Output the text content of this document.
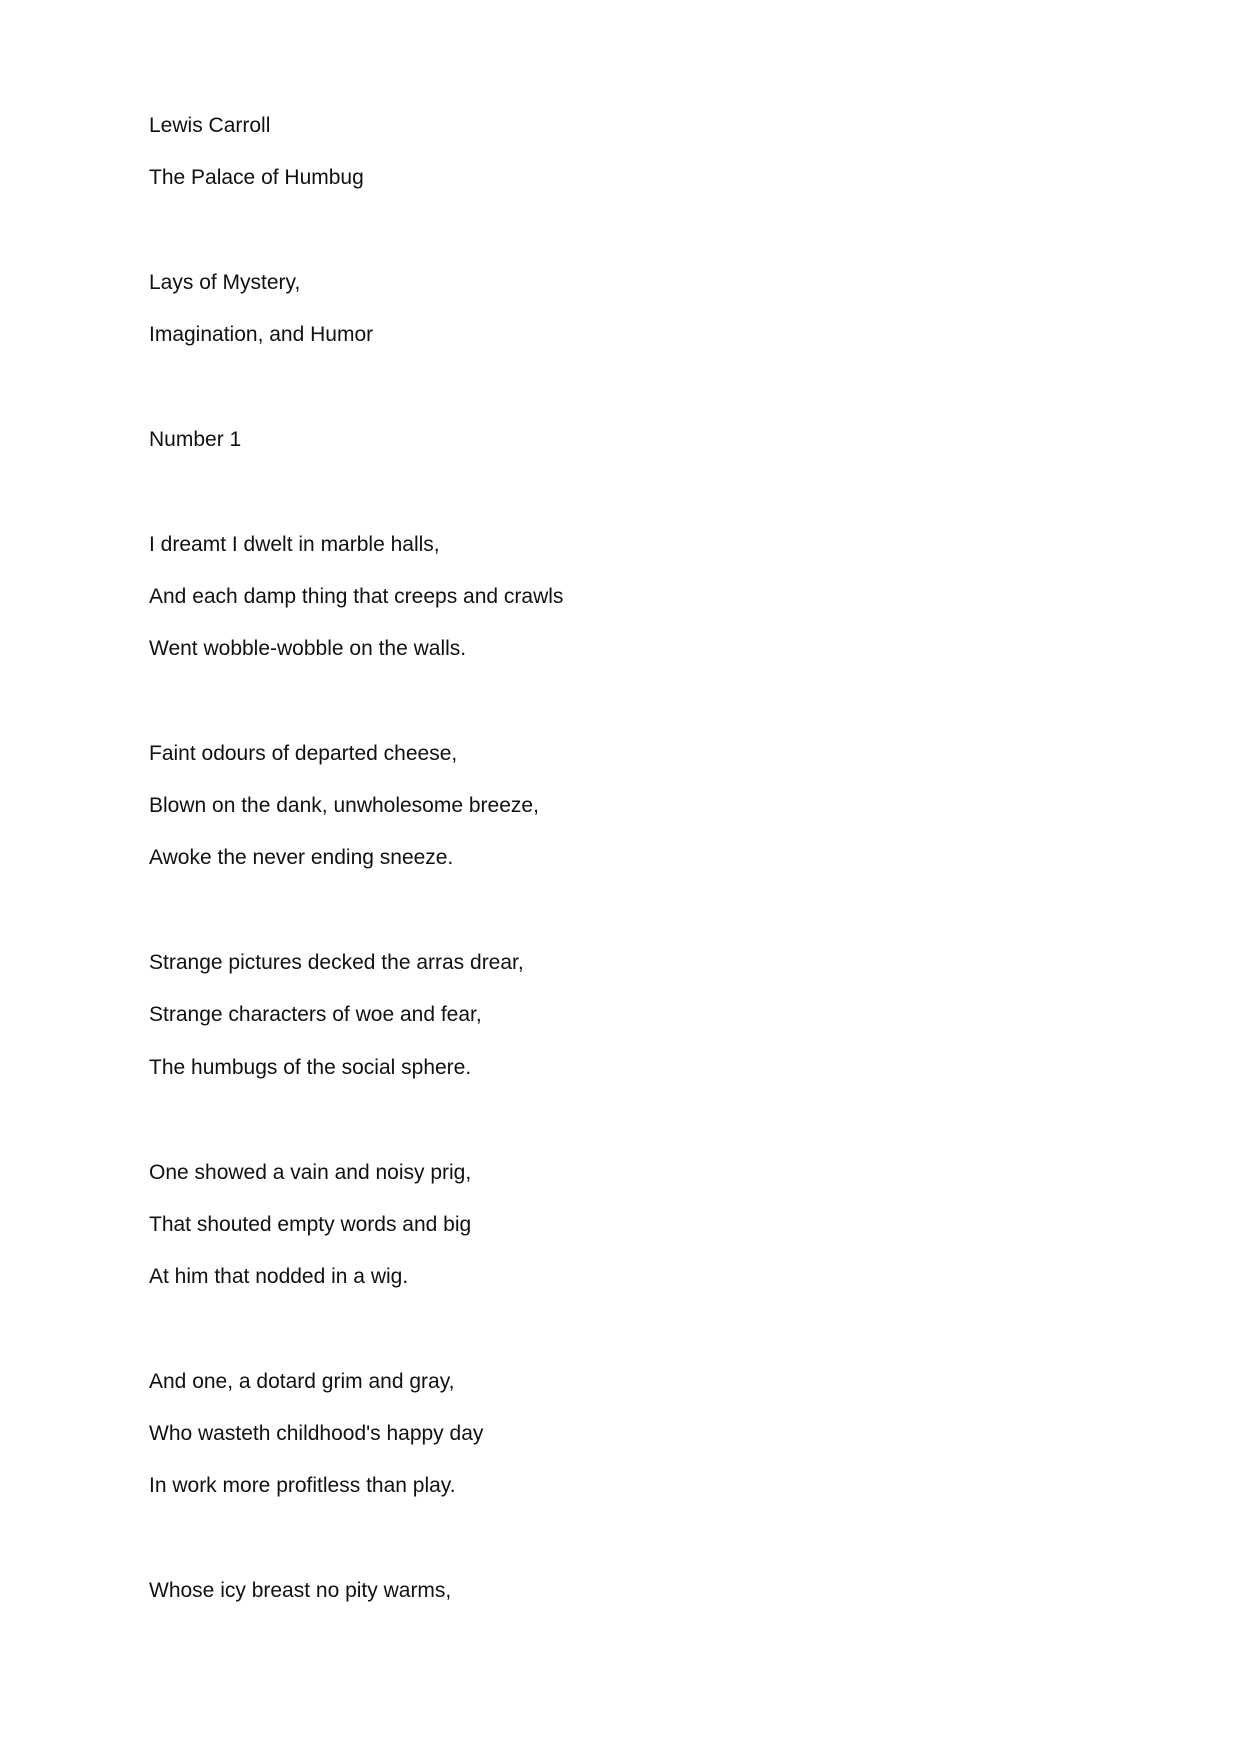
Lewis Carroll

The Palace of Humbug

Lays of Mystery,

Imagination, and Humor

Number 1

I dreamt I dwelt in marble halls,

And each damp thing that creeps and crawls

Went wobble-wobble on the walls.

Faint odours of departed cheese,

Blown on the dank, unwholesome breeze,

Awoke the never ending sneeze.

Strange pictures decked the arras drear,

Strange characters of woe and fear,

The humbugs of the social sphere.

One showed a vain and noisy prig,

That shouted empty words and big

At him that nodded in a wig.

And one, a dotard grim and gray,

Who wasteth childhood's happy day

In work more profitless than play.

Whose icy breast no pity warms,
